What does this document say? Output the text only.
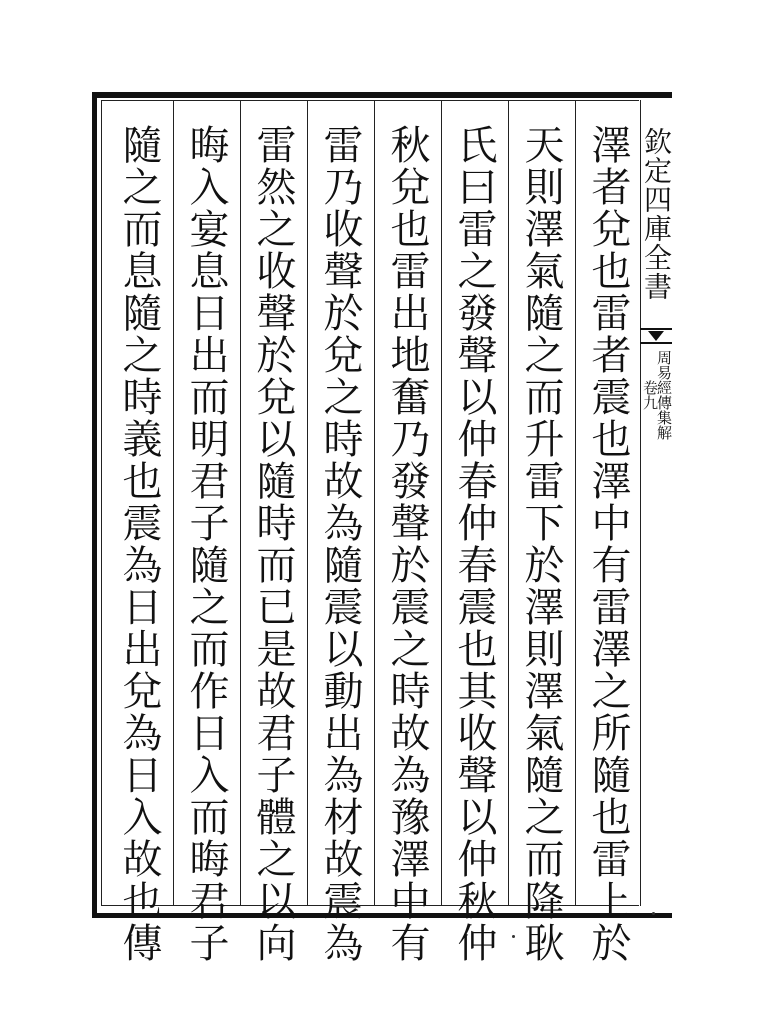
欽定四庫全書
周易經傳集解
卷九
澤者兌也雷者震也澤中有雷澤之所隨也雷上於
天則澤氣隨之而升雷下於澤則澤氣隨之而降耿
氏曰雷之發聲以仲春仲春震也其收聲以仲秋仲
秋兌也雷出地奮乃發聲於震之時故為豫澤中有
雷乃收聲於兌之時故為隨震以動出為材故震為
雷然之收聲於兌以隨時而已是故君子體之以向
晦入宴息日出而明君子隨之而作日入而晦君子
隨之而息隨之時義也震為日出兌為日入故也傳
